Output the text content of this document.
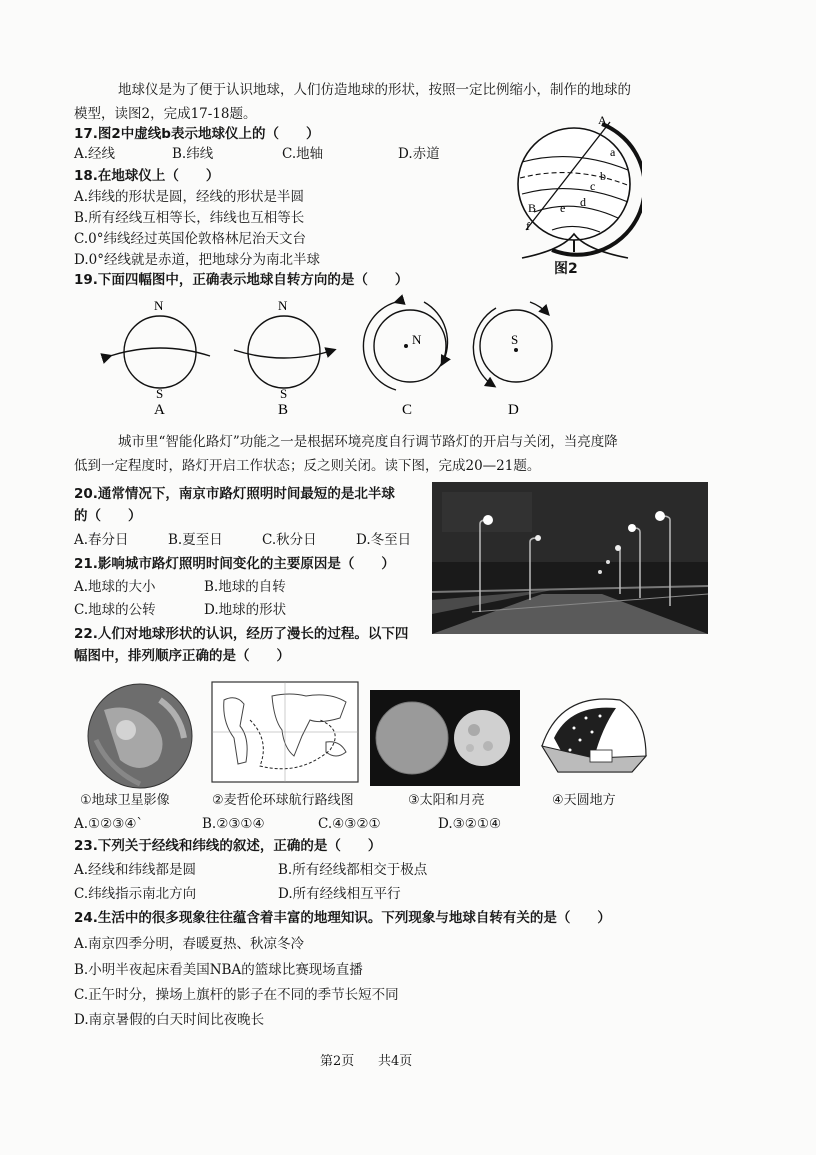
地球仪是为了便于认识地球，人们仿造地球的形状，按照一定比例缩小，制作的地球的
模型，读图2，完成17-18题。
17.图2中虚线b表示地球仪上的（　　）
A.经线	B.纬线	C.地轴	D.赤道
18.在地球仪上（　　）
A.纬线的形状是圆，经线的形状是半圆
B.所有经线互相等长，纬线也互相等长
C.0°纬线经过英国伦敦格林尼治天文台
D.0°经线就是赤道，把地球分为南北半球
A
a
b
c
d
e
B
f
图2
19.下面四幅图中，正确表示地球自转方向的是（　　）
N
S
A
N
S
B
N
C
S
D
城市里“智能化路灯”功能之一是根据环境亮度自行调节路灯的开启与关闭，当亮度降
低到一定程度时，路灯开启工作状态；反之则关闭。读下图，完成20—21题。
20.通常情况下，南京市路灯照明时间最短的是北半球
的（　　）
A.春分日	B.夏至日	C.秋分日	D.冬至日
21.影响城市路灯照明时间变化的主要原因是（　　）
A.地球的大小	B.地球的自转
C.地球的公转	D.地球的形状
22.人们对地球形状的认识，经历了漫长的过程。以下四
幅图中，排列顺序正确的是（　　）
①地球卫星影像	②麦哲伦环球航行路线图	③太阳和月亮	④天圆地方
A.①②③④`	B.②③①④	C.④③②①	D.③②①④
23.下列关于经线和纬线的叙述，正确的是（　　）
A.经线和纬线都是圆	B.所有经线都相交于极点
C.纬线指示南北方向	D.所有经线相互平行
24.生活中的很多现象往往蕴含着丰富的地理知识。下列现象与地球自转有关的是（　　）
A.南京四季分明，春暖夏热、秋凉冬冷
B.小明半夜起床看美国NBA的篮球比赛现场直播
C.正午时分，操场上旗杆的影子在不同的季节长短不同
D.南京暑假的白天时间比夜晚长
第2页 共4页
